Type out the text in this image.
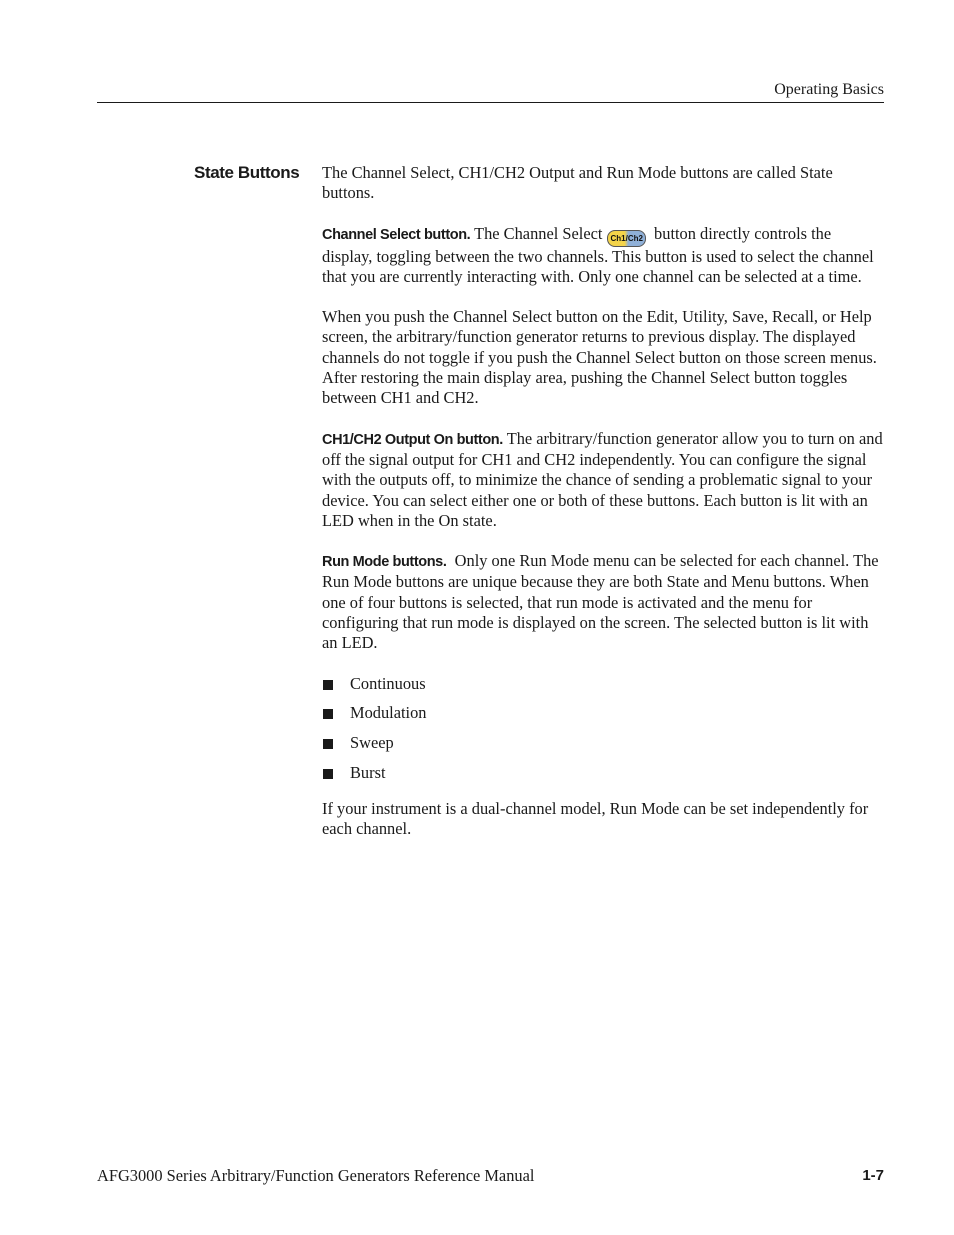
Operating Basics
State Buttons The Channel Select, CH1/CH2 Output and Run Mode buttons are called State buttons.

Channel Select button. The Channel Select Ch1 / Ch2 button directly controls the display, toggling between the two channels. This button is used to select the channel that you are currently interacting with. Only one channel can be selected at a time.

When you push the Channel Select button on the Edit, Utility, Save, Recall, or Help screen, the arbitrary/function generator returns to previous display. The displayed channels do not toggle if you push the Channel Select button on those screen menus. After restoring the main display area, pushing the Channel Select button toggles between CH1 and CH2.

CH1/CH2 Output On button. The arbitrary/function generator allow you to turn on and off the signal output for CH1 and CH2 independently. You can configure the signal with the outputs off, to minimize the chance of sending a problematic signal to your device. You can select either one or both of these buttons. Each button is lit with an LED when in the On state.

Run Mode buttons.  Only one Run Mode menu can be selected for each channel. The Run Mode buttons are unique because they are both State and Menu buttons. When one of four buttons is selected, that run mode is activated and the menu for configuring that run mode is displayed on the screen. The selected button is lit with an LED.

Continuous
Modulation
Sweep
Burst

If your instrument is a dual-channel model, Run Mode can be set independently for each channel.

AFG3000 Series Arbitrary/Function Generators Reference Manual	1-7
